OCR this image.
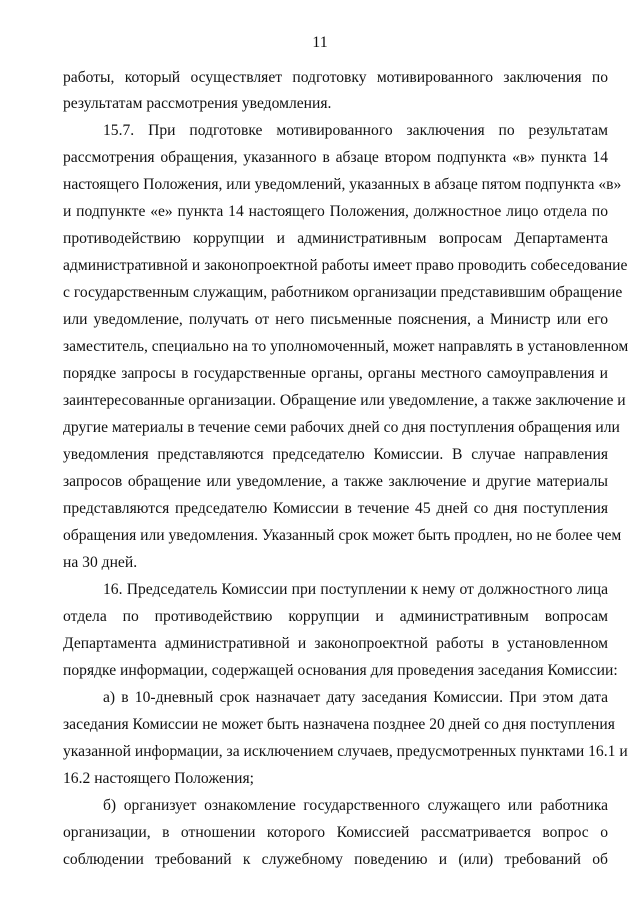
11
работы, который осуществляет подготовку мотивированного заключения по
результатам рассмотрения уведомления.
15.7. При подготовке мотивированного заключения по результатам
рассмотрения обращения, указанного в абзаце втором подпункта «в» пункта 14
настоящего Положения, или уведомлений, указанных в абзаце пятом подпункта «в»
и подпункте «е» пункта 14 настоящего Положения, должностное лицо отдела по
противодействию коррупции и административным вопросам Департамента
административной и законопроектной работы имеет право проводить собеседование
с государственным служащим, работником организации представившим обращение
или уведомление, получать от него письменные пояснения, а Министр или его
заместитель, специально на то уполномоченный, может направлять в установленном
порядке запросы в государственные органы, органы местного самоуправления и
заинтересованные организации. Обращение или уведомление, а также заключение и
другие материалы в течение семи рабочих дней со дня поступления обращения или
уведомления представляются председателю Комиссии. В случае направления
запросов обращение или уведомление, а также заключение и другие материалы
представляются председателю Комиссии в течение 45 дней со дня поступления
обращения или уведомления. Указанный срок может быть продлен, но не более чем
на 30 дней.
16. Председатель Комиссии при поступлении к нему от должностного лица
отдела по противодействию коррупции и административным вопросам
Департамента административной и законопроектной работы в установленном
порядке информации, содержащей основания для проведения заседания Комиссии:
а) в 10-дневный срок назначает дату заседания Комиссии. При этом дата
заседания Комиссии не может быть назначена позднее 20 дней со дня поступления
указанной информации, за исключением случаев, предусмотренных пунктами 16.1 и
16.2 настоящего Положения;
б) организует ознакомление государственного служащего или работника
организации, в отношении которого Комиссией рассматривается вопрос о
соблюдении требований к служебному поведению и (или) требований об
